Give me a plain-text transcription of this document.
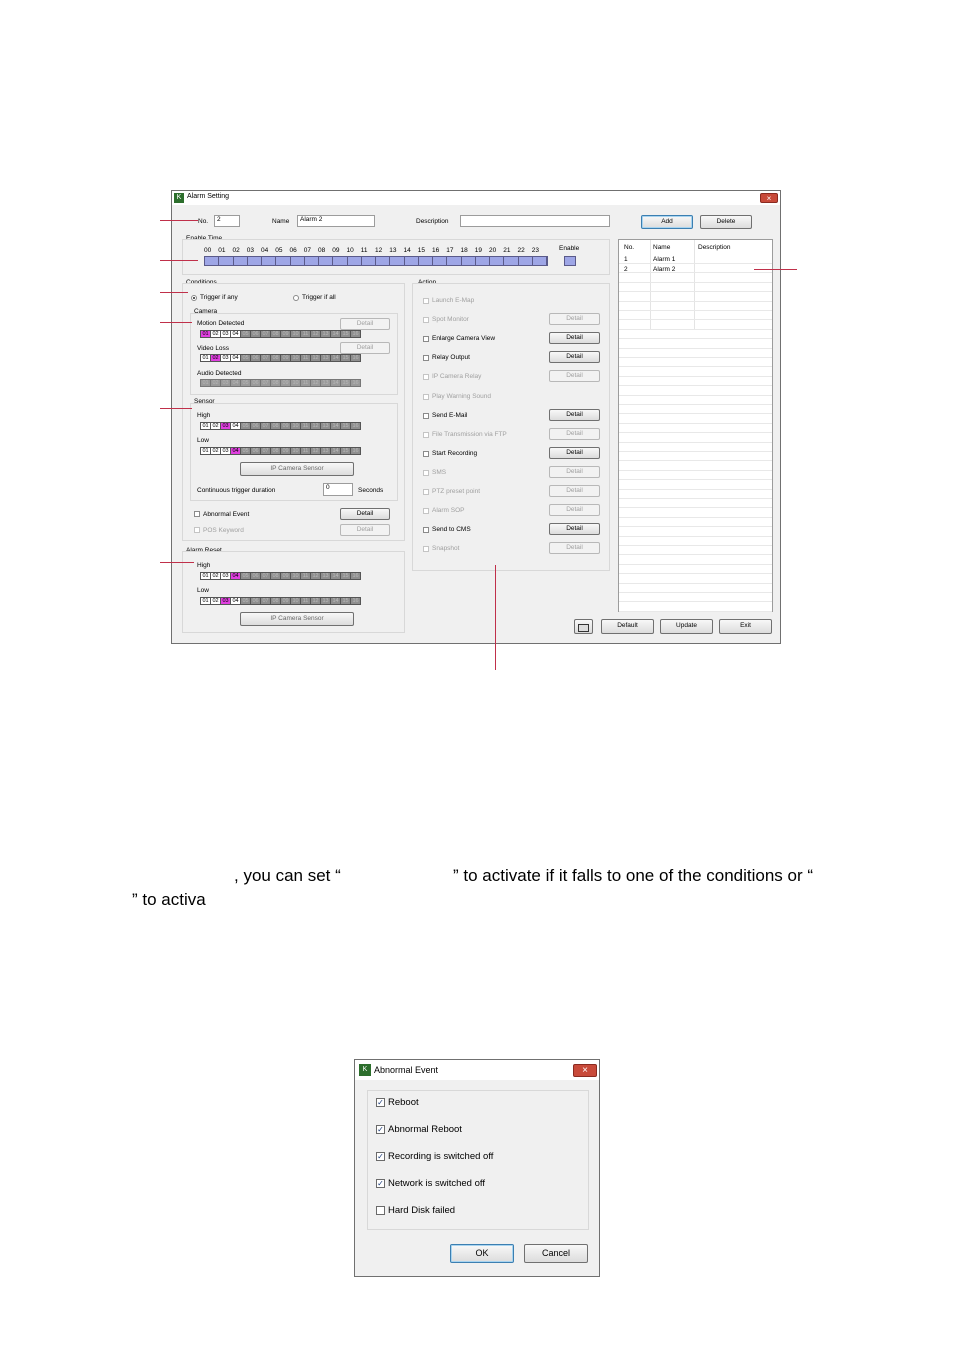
K Alarm Setting	×
No.	2	Name	Alarm 2	Description	Add	Delete
Enable Time
Enable
Conditions
Trigger if any	Trigger if all
Camera
Motion Detected	Detail
01 02 03 04 05 06 07 08 09 10 11 12 13 14 15 16
Video Loss	Detail
01 02 03 04 05 06 07 08 09 10 11 12 13 14 15 16
Audio Detected
01 02 03 04 05 06 07 08 09 10 11 12 13 14 15 16
Sensor
High
01 02 03 04 05 06 07 08 09 10 11 12 13 14 15 16
Low
01 02 03 04 05 06 07 08 09 10 11 12 13 14 15 16
IP Camera Sensor
Continuous trigger duration	0	Seconds
Abnormal Event	Detail
POS Keyword	Detail
Alarm Reset
High
01 02 03 04 05 06 07 08 09 10 11 12 13 14 15 16
Low
01 02 03 04 05 06 07 08 09 10 11 12 13 14 15 16
IP Camera Sensor
Action
No.	Name	Description
1	Alarm 1
2	Alarm 2
Default	Update	Exit
00 01 02 03 04 05 06 07 08 09 10 11 12 13 14 15 16 17 18 19 20 21 22 23
Launch E-Map
Spot Monitor	Detail
Enlarge Camera View	Detail
Relay Output	Detail
IP Camera Relay	Detail
Play Warning Sound
Send E-Mail	Detail
File Transmission via FTP	Detail
Start Recording	Detail
SMS	Detail
PTZ preset point	Detail
Alarm SOP	Detail
Send to CMS	Detail
Snapshot	Detail
, you can set “	” to activate if it falls to one of the conditions or “
” to activa
K Abnormal Event	×
OK	Cancel
✓ Reboot
✓ Abnormal Reboot
✓ Recording is switched off
✓ Network is switched off
Hard Disk failed
